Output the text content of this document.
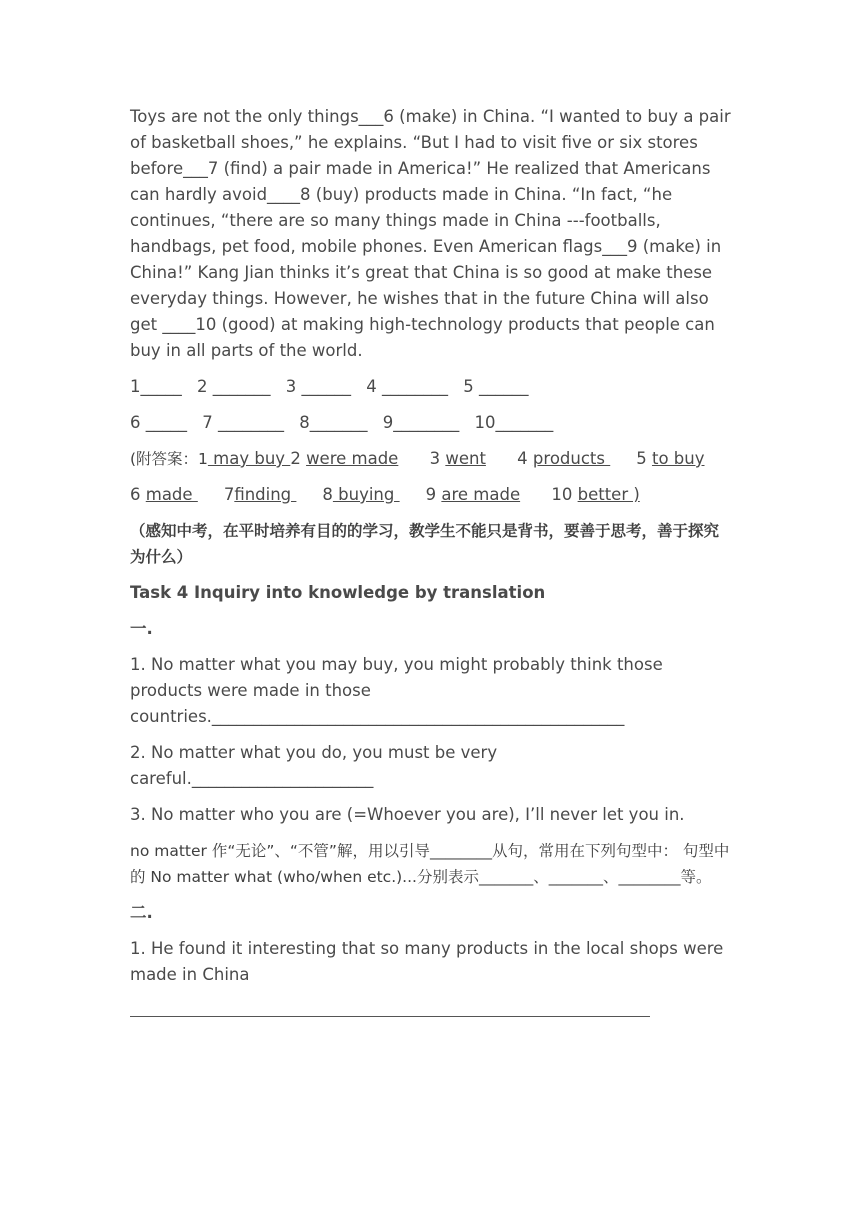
Toys are not the only things___6 (make) in China. “I wanted to buy a pair of basketball shoes,” he explains. “But I had to visit five or six stores before___7 (find) a pair made in America!” He realized that Americans can hardly avoid____8 (buy) products made in China. “In fact, “he continues, “there are so many things made in China ---footballs, handbags, pet food, mobile phones. Even American flags___9 (make) in China!” Kang Jian thinks it’s great that China is so good at make these everyday things. However, he wishes that in the future China will also get ____10 (good) at making high-technology products that people can buy in all parts of the world.

1_____ 2 _______ 3 ______ 4 ________ 5 ______
6 _____ 7 ________ 8_______ 9________ 10_______

(附答案：1 may buy 2 were made 3 went 4 products 5 to buy

6 made 7finding 8 buying 9 are made 10 better )

（感知中考，在平时培养有目的的学习，教学生不能只是背书，要善于思考，善于探究为什么）

Task 4 Inquiry into knowledge by translation

一.

1. No matter what you may buy, you might probably think those products were made in those countries.__________________________________________________

2. No matter what you do, you must be very careful.______________________

3. No matter who you are (=Whoever you are), I’ll never let you in.

no matter 作“无论”、“不管”解，用以引导________从句，常用在下列句型中： 句型中的 No matter what (who/when etc.)...分别表示_______、_______、________等。

二.

1. He found it interesting that so many products in the local shops were made in China
